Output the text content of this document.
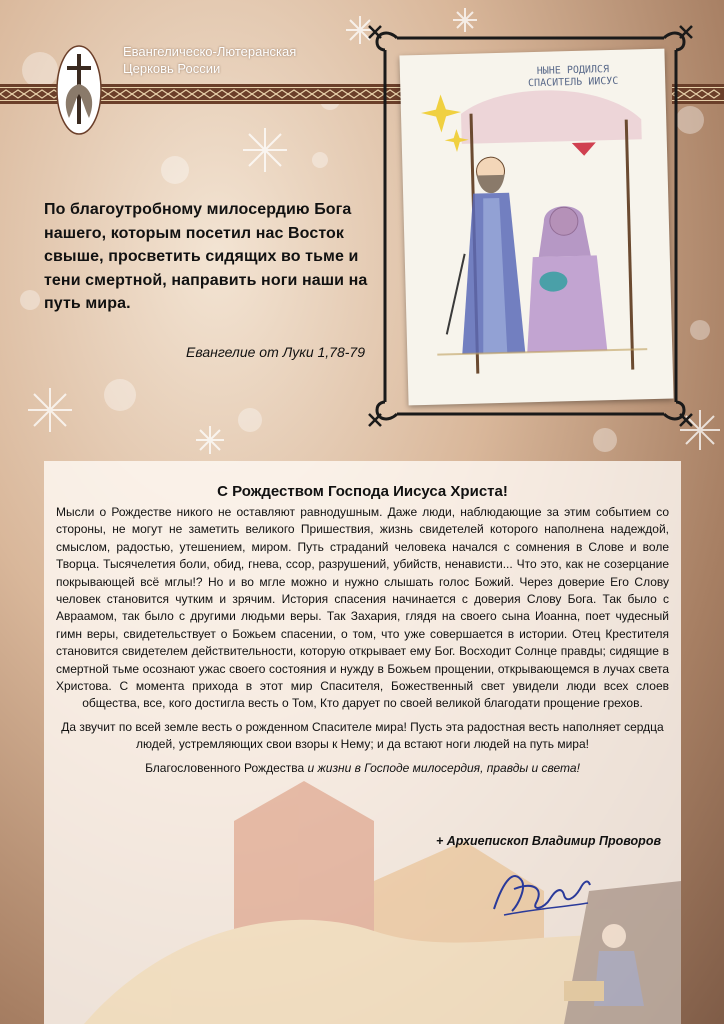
Евангелическо-Лютеранская
Церковь России
По благоутробному милосердию Бога нашего, которым посетил нас Восток свыше, просветить сидящих во тьме и тени смертной, направить ноги наши на путь мира.
Евангелие от Луки 1,78-79
НЫНЕ РОДИЛСЯ
СПАСИТЕЛЬ ИИСУС
С Рождеством Господа Иисуса Христа!

Мысли о Рождестве никого не оставляют равнодушным. Даже люди, наблюдающие за этим событием со стороны, не могут не заметить великого Пришествия, жизнь свидетелей которого наполнена надеждой, смыслом, радостью, утешением, миром. Путь страданий человека начался с сомнения в Слове и воле Творца. Тысячелетия боли, обид, гнева, ссор, разрушений, убийств, ненависти... Что это, как не созерцание покрывающей всё мглы!? Но и во мгле можно и нужно слышать голос Божий. Через доверие Его Слову человек становится чутким и зрячим. История спасения начинается с доверия Слову Бога. Так было с Авраамом, так было с другими людьми веры. Так Захария, глядя на своего сына Иоанна, поет чудесный гимн веры, свидетельствует о Божьем спасении, о том, что уже совершается в истории. Отец Крестителя становится свидетелем действительности, которую открывает ему Бог. Восходит Солнце правды; сидящие в смертной тьме осознают ужас своего состояния и нужду в Божьем прощении, открывающемся в лучах света Христова. С момента прихода в этот мир Спасителя, Божественный свет увидели люди всех слоев общества, все, кого достигла весть о Том, Кто дарует по своей великой благодати прощение грехов.

Да звучит по всей земле весть о рожденном Спасителе мира! Пусть эта радостная весть наполняет сердца людей, устремляющих свои взоры к Нему; и да встают ноги людей на путь мира!

Благословенного Рождества и жизни в Господе милосердия, правды и света!

+ Архиепископ Владимир Проворов
